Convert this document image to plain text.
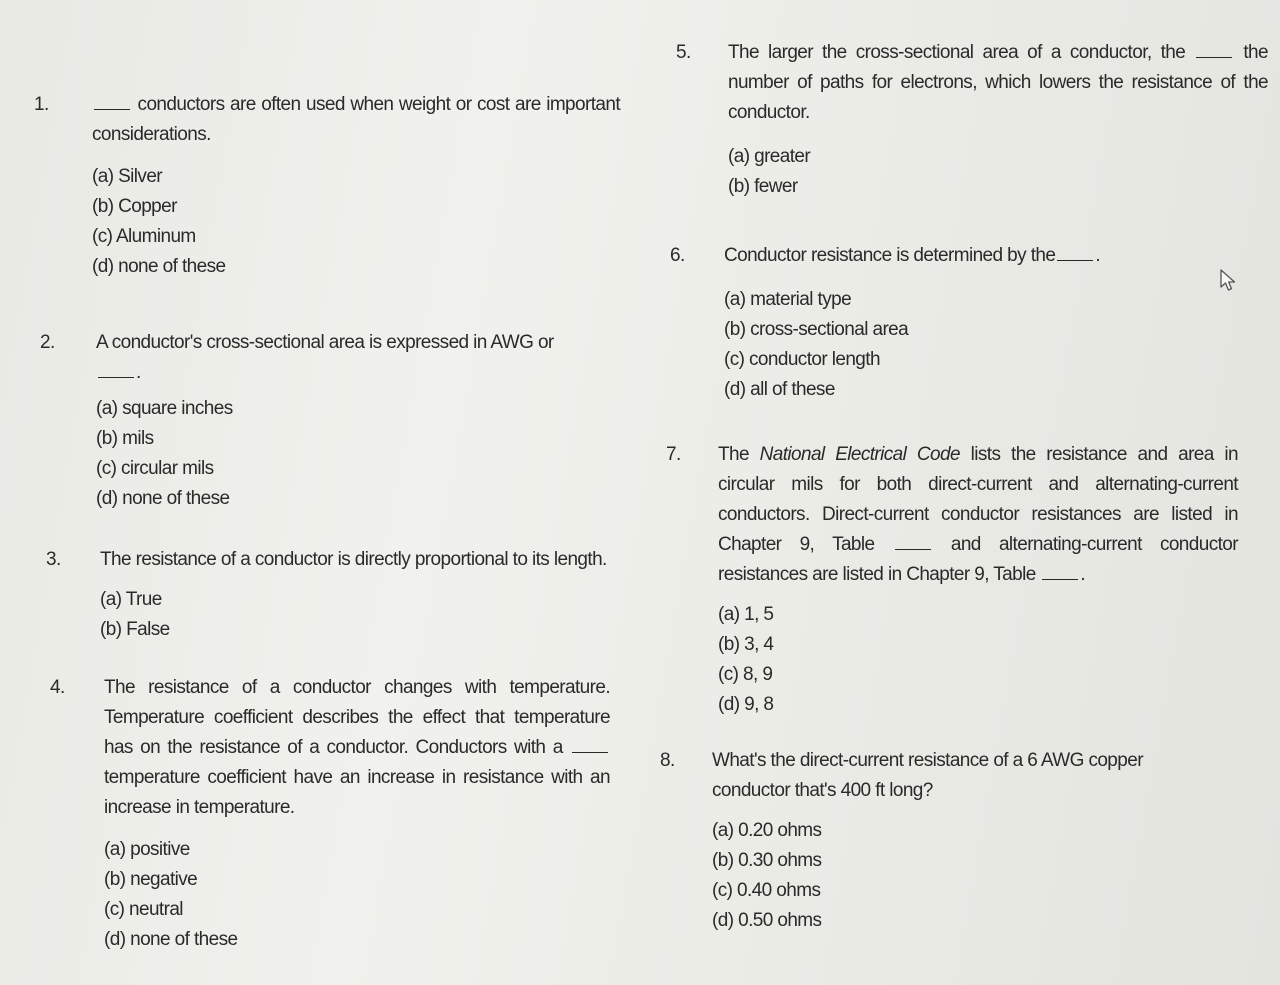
1.	conductors are often used when weight or cost are important considerations.
(a) Silver
(b) Copper
(c) Aluminum
(d) none of these
2.	A conductor's cross-sectional area is expressed in AWG or
.
(a) square inches
(b) mils
(c) circular mils
(d) none of these
3.	The resistance of a conductor is directly proportional to its length.
(a) True
(b) False
4.	The resistance of a conductor changes with temperature. Temperature coefficient describes the effect that temperature has on the resistance of a conductor. Conductors with a  temperature coefficient have an increase in resistance with an increase in temperature.
(a) positive
(b) negative
(c) neutral
(d) none of these
5.	The larger the cross-sectional area of a conductor, the	the number of paths for electrons, which lowers the resistance of the conductor.
(a) greater
(b) fewer
6.	Conductor resistance is determined by the .
(a) material type
(b) cross-sectional area
(c) conductor length
(d) all of these
7.	The National Electrical Code lists the resistance and area in circular mils for both direct-current and alternating-current conductors. Direct-current conductor resistances are listed in Chapter 9, Table	and alternating-current conductor resistances are listed in Chapter 9, Table .
(a) 1, 5
(b) 3, 4
(c) 8, 9
(d) 9, 8
8.	What's the direct-current resistance of a 6 AWG copper conductor that's 400 ft long?
(a) 0.20 ohms
(b) 0.30 ohms
(c) 0.40 ohms
(d) 0.50 ohms
